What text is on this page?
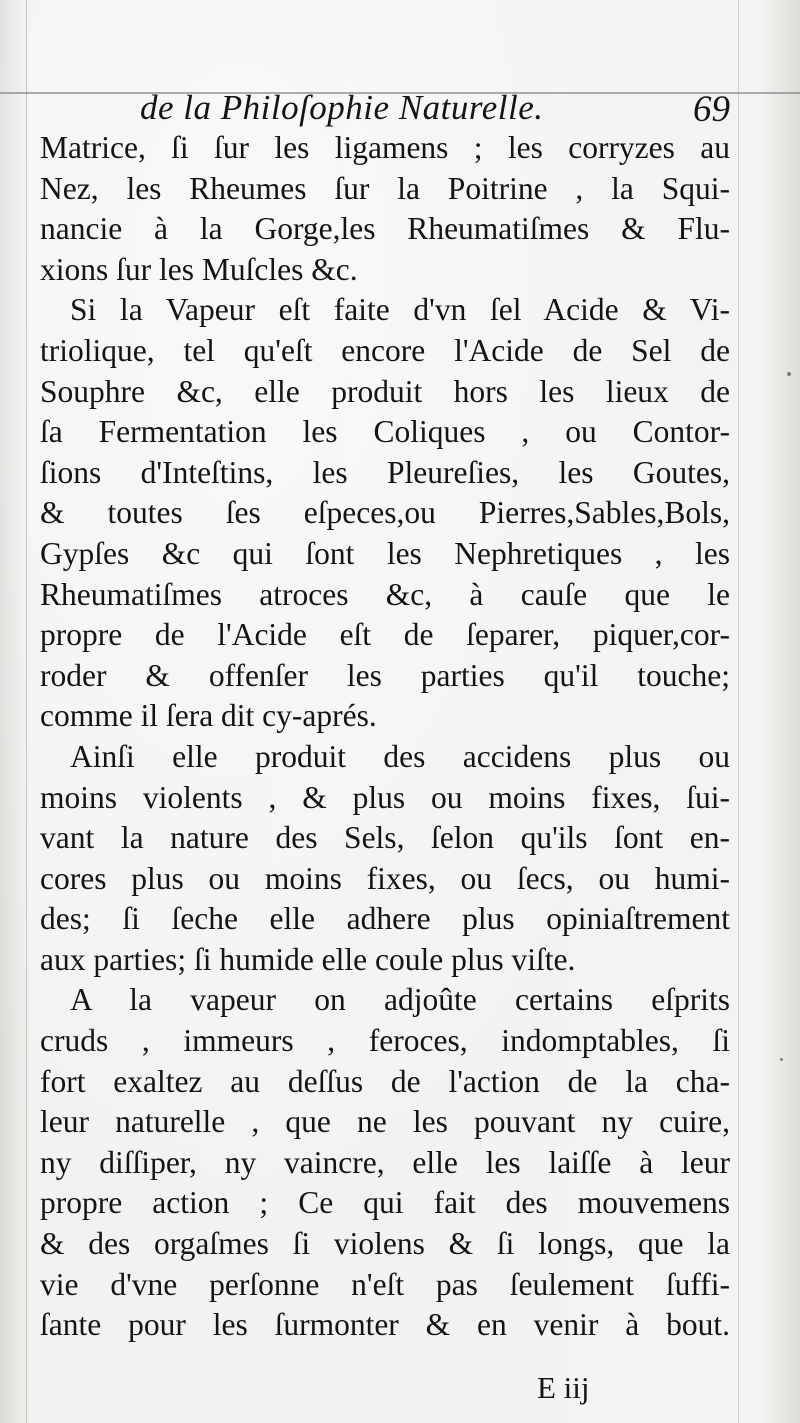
de la Philoſophie Naturelle.	69
Matrice, ſi ſur les ligamens ; les corryzes au
Nez, les Rheumes ſur la Poitrine , la Squi-
nancie à la Gorge,les Rheumatiſmes & Flu-
xions ſur les Muſcles &c.
Si la Vapeur eſt faite d'vn ſel Acide & Vi-
triolique, tel qu'eſt encore l'Acide de Sel de
Souphre &c, elle produit hors les lieux de
ſa Fermentation les Coliques , ou Contor-
ſions d'Inteſtins, les Pleureſies, les Goutes,
& toutes ſes eſpeces,ou Pierres,Sables,Bols,
Gypſes &c qui ſont les Nephretiques , les
Rheumatiſmes atroces &c, à cauſe que le
propre de l'Acide eſt de ſeparer, piquer,cor-
roder & offenſer les parties qu'il touche;
comme il ſera dit cy-aprés.
Ainſi elle produit des accidens plus ou
moins violents , & plus ou moins fixes, ſui-
vant la nature des Sels, ſelon qu'ils ſont en-
cores plus ou moins fixes, ou ſecs, ou humi-
des; ſi ſeche elle adhere plus opiniaſtrement
aux parties; ſi humide elle coule plus viſte.
A la vapeur on adjoûte certains eſprits
cruds , immeurs , feroces, indomptables, ſi
fort exaltez au deſſus de l'action de la cha-
leur naturelle , que ne les pouvant ny cuire,
ny diſſiper, ny vaincre, elle les laiſſe à leur
propre action ; Ce qui fait des mouvemens
& des orgaſmes ſi violens & ſi longs, que la
vie d'vne perſonne n'eſt pas ſeulement ſuffi-
ſante pour les ſurmonter & en venir à bout.
E iij
